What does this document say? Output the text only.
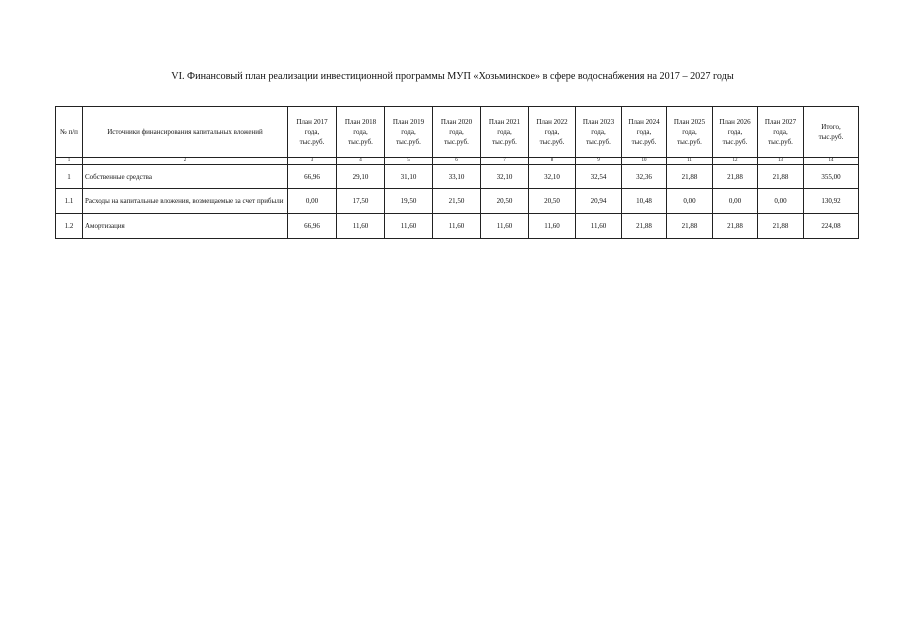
VI. Финансовый план реализации инвестиционной программы МУП «Хозьминское» в сфере водоснабжения на 2017 – 2027 годы
№ п/п	Источники финансирования капитальных вложений	План 2017
года,
тыс.руб.	План 2018
года,
тыс.руб.	План 2019
года,
тыс.руб.	План 2020
года,
тыс.руб.	План 2021
года,
тыс.руб.	План 2022
года,
тыс.руб.	План 2023
года,
тыс.руб.	План 2024
года,
тыс.руб.	План 2025
года,
тыс.руб.	План 2026
года,
тыс.руб.	План 2027
года,
тыс.руб.	Итого,
тыс.руб.

1	2	3	4	5	6	7	8	9	10	11	12	13	14
1	Собственные средства	66,96	29,10	31,10	33,10	32,10	32,10	32,54	32,36	21,88	21,88	21,88	355,00
1.1	Расходы на капитальные вложения, возмещаемые за счет прибыли	0,00	17,50	19,50	21,50	20,50	20,50	20,94	10,48	0,00	0,00	0,00	130,92
1.2	Амортизация	66,96	11,60	11,60	11,60	11,60	11,60	11,60	21,88	21,88	21,88	21,88	224,08
